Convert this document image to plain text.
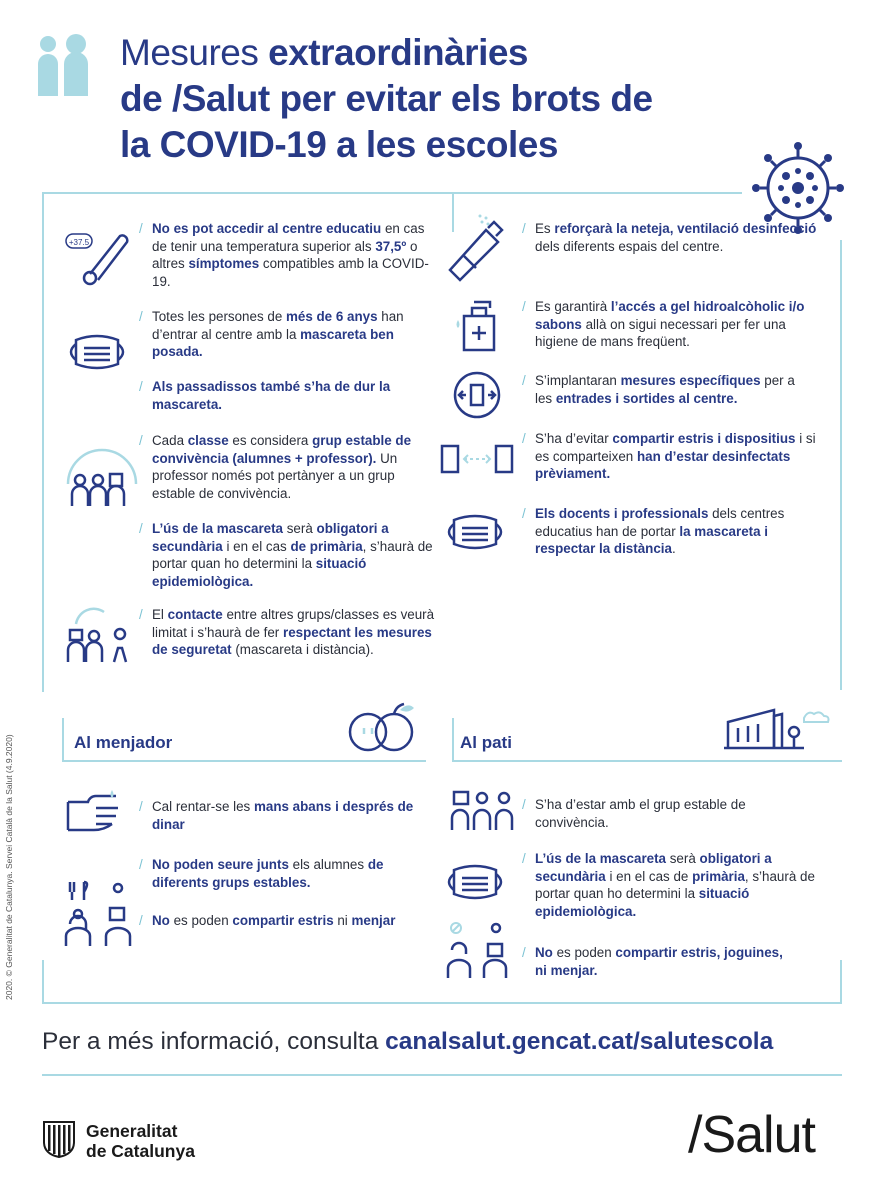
Mesures extraordinàries
de /Salut per evitar els brots de
la COVID-19 a les escoles
+37.5
/ No es pot accedir al centre educatiu en cas de tenir una temperatura superior als 37,5º o altres símptomes compatibles amb la COVID-19.
/ Totes les persones de més de 6 anys han d’entrar al centre amb la mascareta ben posada.
/ Als passadissos també s’ha de dur la mascareta.
/ Cada classe es considera grup estable de convivència (alumnes + professor). Un professor només pot pertànyer a un grup estable de convivència.
/ L’ús de la mascareta serà obligatori a secundària i en el cas de primària, s’haurà de portar quan ho determini la situació epidemiològica.
/ El contacte entre altres grups/classes es veurà limitat i s’haurà de fer respectant les mesures de seguretat (mascareta i distància).
/ Es reforçarà la neteja, ventilació desinfecció dels diferents espais del centre.
/ Es garantirà l’accés a gel hidroalcòholic i/o sabons allà on sigui necessari per fer una higiene de mans freqüent.
/ S’implantaran mesures específiques per a les entrades i sortides al centre.
/ S’ha d’evitar compartir estris i dispositius i si es comparteixen han d’estar desinfectats prèviament.
/ Els docents i professionals dels centres educatius han de portar la mascareta i respectar la distància.
Al menjador
/ Cal rentar-se les mans abans i després de dinar
/ No poden seure junts els alumnes de diferents grups estables.
/ No es poden compartir estris ni menjar
Al pati
/ S’ha d’estar amb el grup estable de convivència.
/ L’ús de la mascareta serà obligatori a secundària i en el cas de primària, s’haurà de portar quan ho determini la situació epidemiològica.
/ No es poden compartir estris, joguines, ni menjar.
2020. © Generalitat de Catalunya. Servei Català de la Salut (4.9.2020)
Per a més informació, consulta canalsalut.gencat.cat/salutescola
Generalitat
de Catalunya	/Salut
